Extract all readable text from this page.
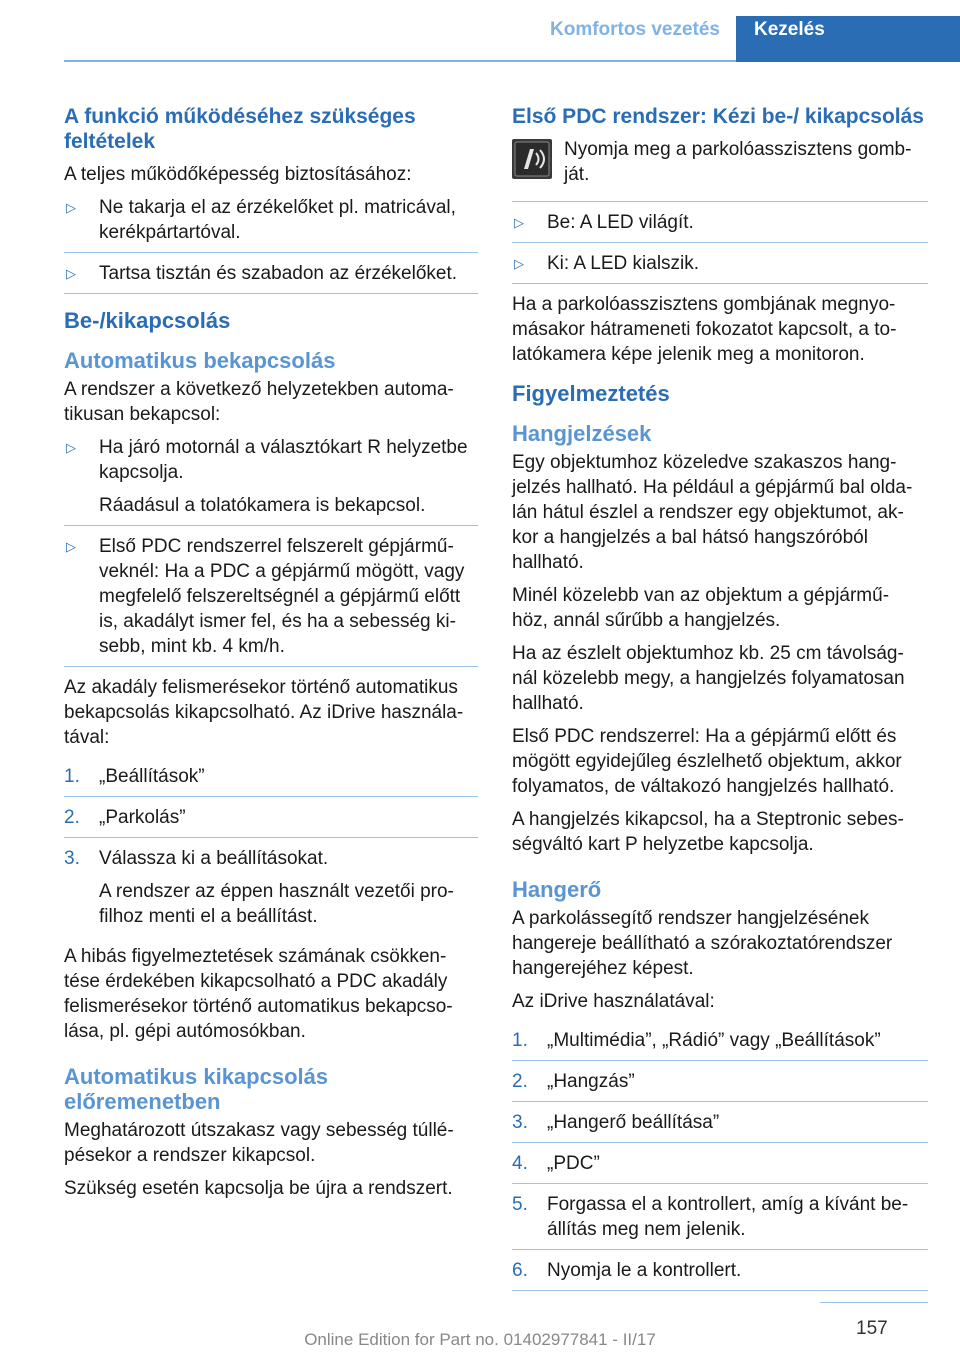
Komfortos vezetés	Kezelés
A funkció működéséhez szükséges feltételek

A teljes működőképesség biztosításához:

▷ Ne takarja el az érzékelőket pl. matricával, kerékpártartóval.
▷ Tartsa tisztán és szabadon az érzékelőket.
Be-/kikapcsolás
Automatikus bekapcsolás

A rendszer a következő helyzetekben automa‐ tikusan bekapcsol:

▷ Ha járó motornál a választókart R helyzetbe kapcsolja.
Ráadásul a tolatókamera is bekapcsol.
▷ Első PDC rendszerrel felszerelt gépjármű‐ veknél: Ha a PDC a gépjármű mögött, vagy megfelelő felszereltségnél a gépjármű előtt is, akadályt ismer fel, és ha a sebesség ki‐ sebb, mint kb. 4 km/h.

Az akadály felismerésekor történő automatikus bekapcsolás kikapcsolható. Az iDrive használa‐ tával:

1. „Beállítások”
2. „Parkolás”
3. Válassza ki a beállításokat.
A rendszer az éppen használt vezetői pro‐ filhoz menti el a beállítást.

A hibás figyelmeztetések számának csökken‐ tése érdekében kikapcsolható a PDC akadály felismerésekor történő automatikus bekapcso‐ lása, pl. gépi autómosókban.

Automatikus kikapcsolás előremenetben

Meghatározott útszakasz vagy sebesség túllé‐ pésekor a rendszer kikapcsol.

Szükség esetén kapcsolja be újra a rendszert.

Első PDC rendszer: Kézi be-/ kikapcsolás
Nyomja meg a parkolóasszisztens gomb‐ ját.
▷ Be: A LED világít.
▷ Ki: A LED kialszik.

Ha a parkolóasszisztens gombjának megnyo‐ másakor hátrameneti fokozatot kapcsolt, a to‐ latókamera képe jelenik meg a monitoron.

Figyelmeztetés
Hangjelzések

Egy objektumhoz közeledve szakaszos hang‐ jelzés hallható. Ha például a gépjármű bal olda‐ lán hátul észlel a rendszer egy objektumot, ak‐ kor a hangjelzés a bal hátsó hangszóróból hallható.

Minél közelebb van az objektum a gépjármű‐ höz, annál sűrűbb a hangjelzés.

Ha az észlelt objektumhoz kb. 25 cm távolság‐ nál közelebb megy, a hangjelzés folyamatosan hallható.

Első PDC rendszerrel: Ha a gépjármű előtt és mögött egyidejűleg észlelhető objektum, akkor folyamatos, de váltakozó hangjelzés hallható.

A hangjelzés kikapcsol, ha a Steptronic sebes‐ ségváltó kart P helyzetbe kapcsolja.

Hangerő

A parkolássegítő rendszer hangjelzésének hangereje beállítható a szórakoztatórendszer hangerejéhez képest.

Az iDrive használatával:

1. „Multimédia”, „Rádió” vagy „Beállítások”
2. „Hangzás”
3. „Hangerő beállítása”
4. „PDC”
5. Forgassa el a kontrollert, amíg a kívánt be‐ állítás meg nem jelenik.
6. Nyomja le a kontrollert.
157
Online Edition for Part no. 01402977841 - II/17
